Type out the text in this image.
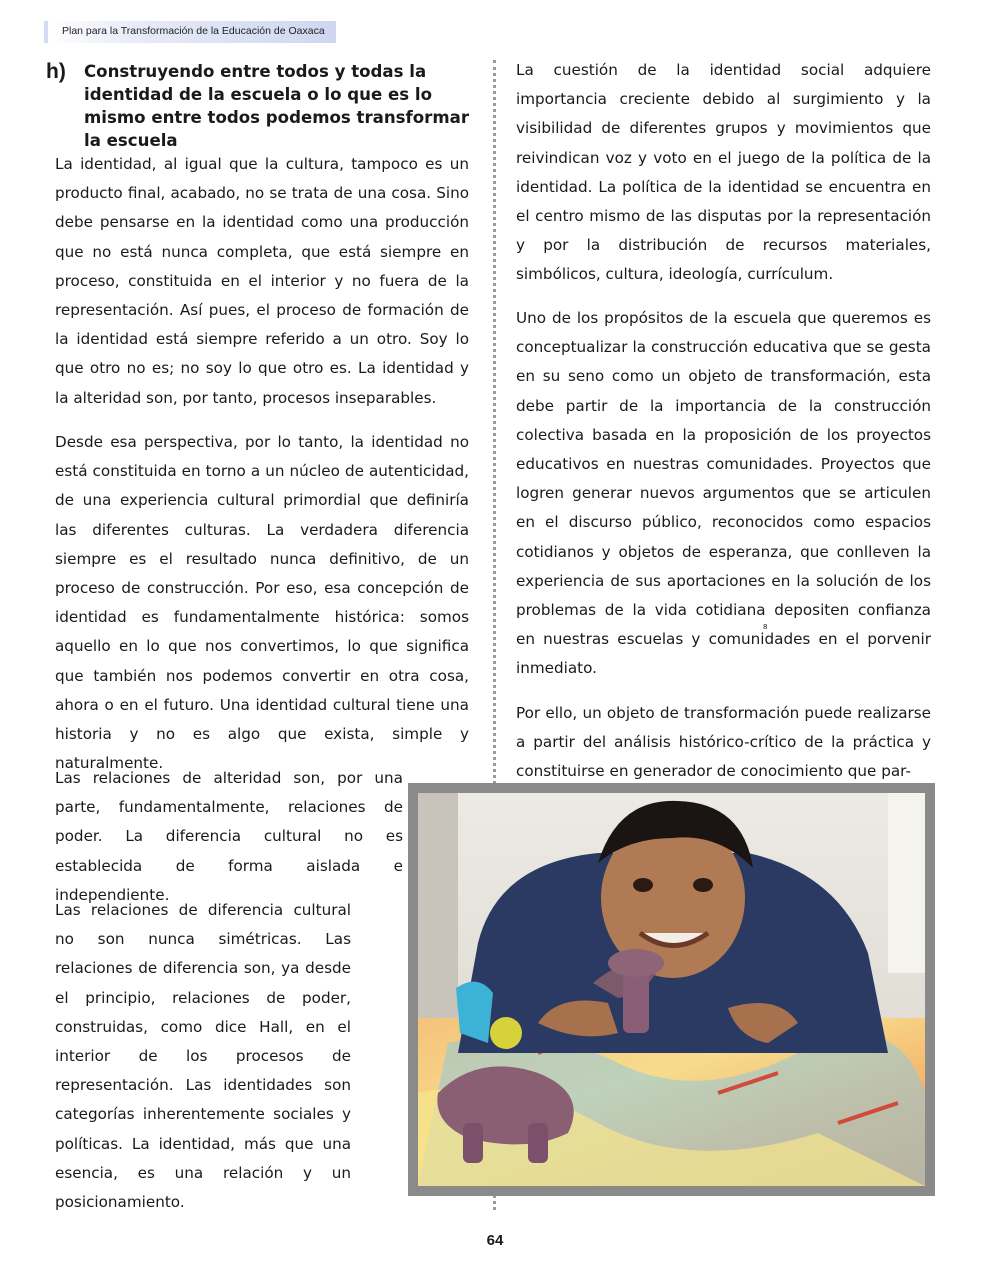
Plan para la Transformación de la Educación de Oaxaca
h) Construyendo entre todos y todas la identidad de la escuela o lo que es lo mismo entre todos podemos transformar la escuela

La identidad, al igual que la cultura, tampoco es un producto final, acabado, no se trata de una cosa. Sino debe pensarse en la identidad como una producción que no está nunca completa, que está siempre en proceso, constituida en el interior y no fuera de la representación. Así pues, el proceso de formación de la identidad está siempre referido a un otro. Soy lo que otro no es; no soy lo que otro es. La identidad y la alteridad son, por tanto, procesos inseparables.

Desde esa perspectiva, por lo tanto, la identidad no está constituida en torno a un núcleo de autenticidad, de una experiencia cultural primordial que definiría las diferentes culturas. La verdadera diferencia siempre es el resultado nunca definitivo, de un proceso de construcción. Por eso, esa concepción de identidad es fundamentalmente histórica: somos aquello en lo que nos convertimos, lo que significa que también nos podemos convertir en otra cosa, ahora o en el futuro. Una identidad cultural tiene una historia y no es algo que exista, simple y naturalmente.

Las relaciones de alteridad son, por una parte, fundamentalmente, relaciones de poder. La diferencia cultural no es establecida de forma aislada e independiente.

Las relaciones de diferencia cultural no son nunca simétricas. Las relaciones de diferencia son, ya desde el principio, relaciones de poder, construidas, como dice Hall, en el interior de los procesos de representación. Las identidades son categorías inherentemente sociales y políticas. La identidad, más que una esencia, es una relación y un posicionamiento.

La cuestión de la identidad social adquiere importancia creciente debido al surgimiento y la visibilidad de diferentes grupos y movimientos que reivindican voz y voto en el juego de la política de la identidad. La política de la identidad se encuentra en el centro mismo de las disputas por la representación y por la distribución de recursos materiales, simbólicos, cultura, ideología, currículum.

Uno de los propósitos de la escuela que queremos es conceptualizar la construcción educativa que se gesta en su seno como un objeto de transformación, esta debe partir de la importancia de la construcción colectiva basada en la proposición de los proyectos educativos en nuestras comunidades. Proyectos que logren generar nuevos argumentos que se articulen en el discurso público, reconocidos como espacios cotidianos y objetos de esperanza, que conlleven la experiencia de sus aportaciones en la solución de los problemas de la vida cotidiana depositen confianza en nuestras escuelas y comunidades en el porvenir inmediato.

8

Por ello, un objeto de transformación puede realizarse a partir del análisis histórico-crítico de la práctica y constituirse en generador de conocimiento que par-

64
